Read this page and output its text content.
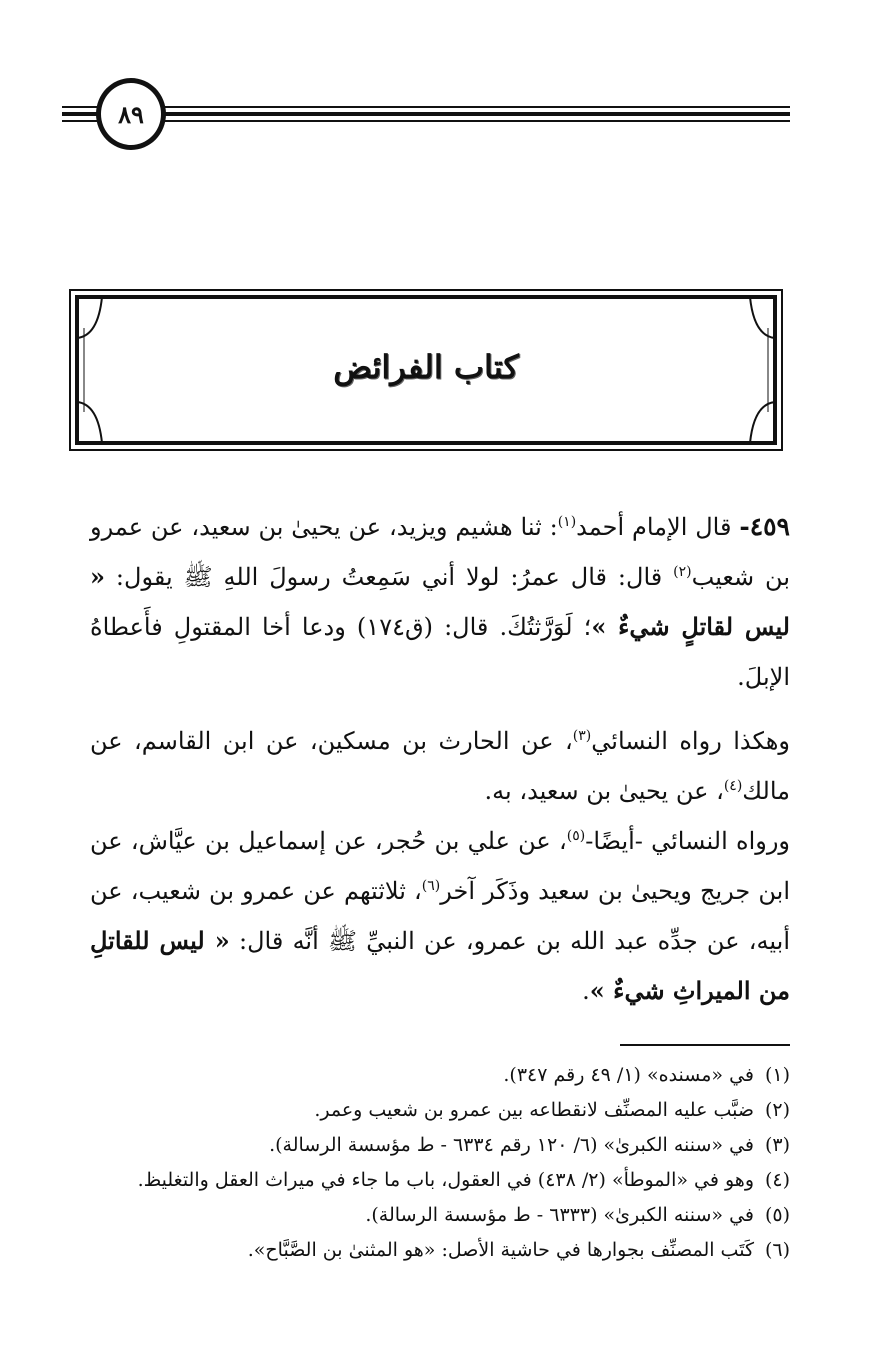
٨٩
كتاب الفرائض

٤٥٩- قال الإمام أحمد$^{(١)}$: ثنا هشيم ويزيد، عن يحيىٰ بن سعيد، عن عمرو بن شعيب$^{(٢)}$ قال: قال عمرُ: لولا أني سَمِعتُ رسولَ اللهِ ﷺ يقول: « ليس لقاتلٍ شيءٌ »؛ لَوَرَّثتُكَ. قال: (ق١٧٤) ودعا أخا المقتولِ فأَعطاهُ الإبلَ.

وهكذا رواه النسائي$^{(٣)}$، عن الحارث بن مسكين، عن ابن القاسم، عن مالك$^{(٤)}$، عن يحيىٰ بن سعيد، به.

ورواه النسائي -أيضًا-$^{(٥)}$، عن علي بن حُجر، عن إسماعيل بن عيَّاش، عن ابن جريج ويحيىٰ بن سعيد وذَكَر آخر$^{(٦)}$، ثلاثتهم عن عمرو بن شعيب، عن أبيه، عن جدِّه عبد الله بن عمرو، عن النبيِّ ﷺ أنَّه قال: « ليس للقاتلِ من الميراثِ شيءٌ ».

(١)في «مسنده» (١/ ٤٩ رقم ٣٤٧).
(٢)ضبَّب عليه المصنِّف لانقطاعه بين عمرو بن شعيب وعمر.
(٣)في «سننه الكبرىٰ» (٦/ ١٢٠ رقم ٦٣٣٤ - ط مؤسسة الرسالة).
(٤)وهو في «الموطأ» (٢/ ٤٣٨) في العقول، باب ما جاء في ميراث العقل والتغليظ.
(٥)في «سننه الكبرىٰ» (٦٣٣٣ - ط مؤسسة الرسالة).
(٦)كَتَب المصنِّف بجوارها في حاشية الأصل: «هو المثنىٰ بن الصَّبَّاح».
